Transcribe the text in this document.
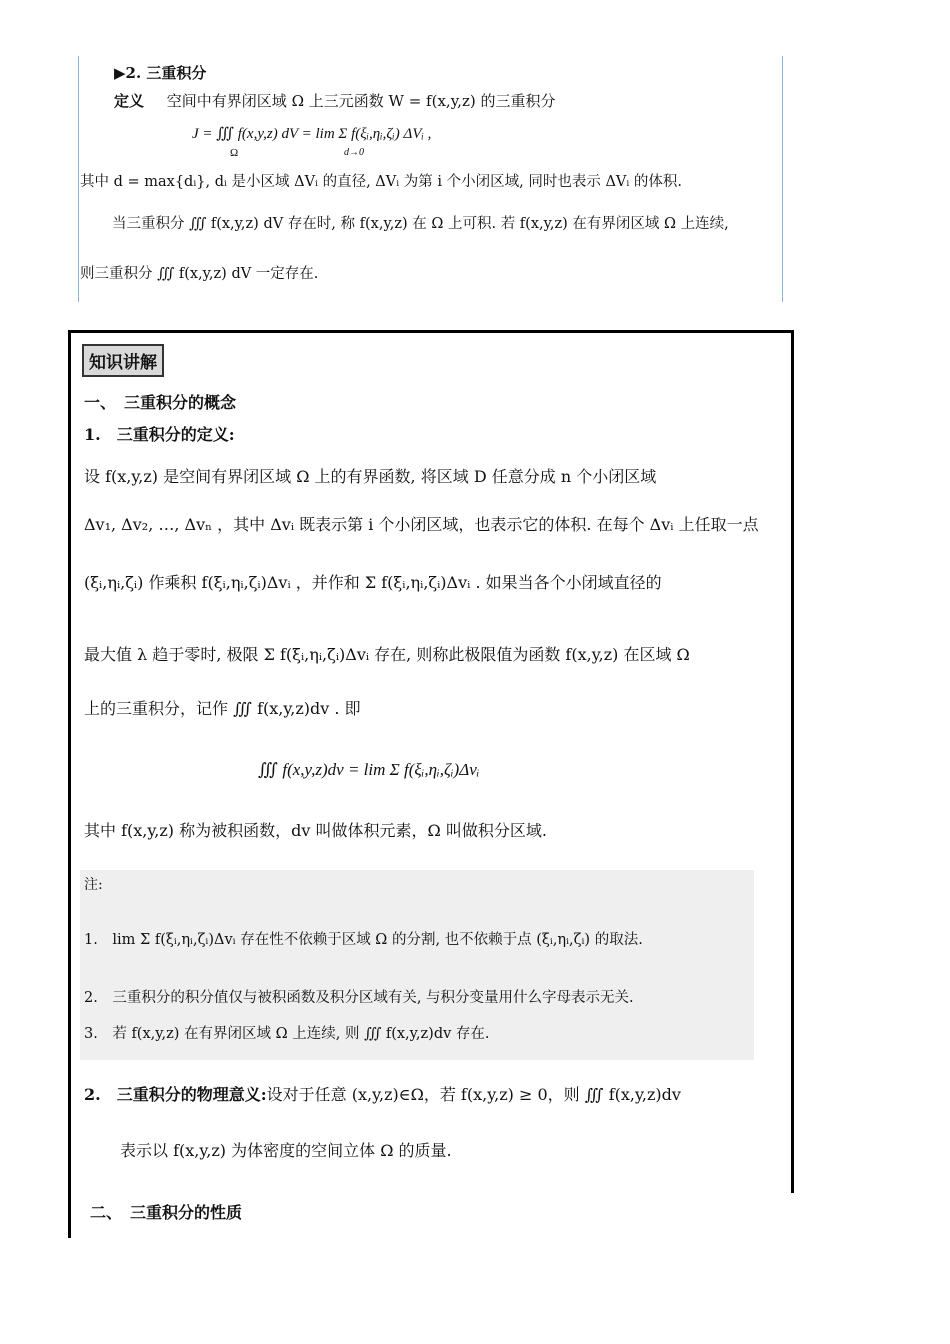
▶2. 三重积分
定义 空间中有界闭区域 Ω 上三元函数 W = f(x,y,z) 的三重积分
J = ∭ f(x,y,z) dV = lim Σ f(ξᵢ,ηᵢ,ζᵢ) ΔVᵢ ,
Ω	d→0
其中 d = max{dᵢ}, dᵢ 是小区域 ΔVᵢ 的直径, ΔVᵢ 为第 i 个小闭区域, 同时也表示 ΔVᵢ 的体积.
当三重积分 ∭ f(x,y,z) dV 存在时, 称 f(x,y,z) 在 Ω 上可积. 若 f(x,y,z) 在有界闭区域 Ω 上连续,
则三重积分 ∭ f(x,y,z) dV 一定存在.
知识讲解
一、　三重积分的概念
1.　三重积分的定义:
设 f(x,y,z) 是空间有界闭区域 Ω 上的有界函数, 将区域 D 任意分成 n 个小闭区域
Δv₁, Δv₂, …, Δvₙ ，其中 Δvᵢ 既表示第 i 个小闭区域，也表示它的体积. 在每个 Δvᵢ 上任取一点
(ξᵢ,ηᵢ,ζᵢ) 作乘积 f(ξᵢ,ηᵢ,ζᵢ)Δvᵢ ，并作和 Σ f(ξᵢ,ηᵢ,ζᵢ)Δvᵢ . 如果当各个小闭域直径的
最大值 λ 趋于零时, 极限 Σ f(ξᵢ,ηᵢ,ζᵢ)Δvᵢ 存在, 则称此极限值为函数 f(x,y,z) 在区域 Ω
上的三重积分，记作 ∭ f(x,y,z)dv . 即
∭ f(x,y,z)dv = lim Σ f(ξᵢ,ηᵢ,ζᵢ)Δvᵢ
其中 f(x,y,z) 称为被积函数，dv 叫做体积元素，Ω 叫做积分区域.
注:
1.　lim Σ f(ξᵢ,ηᵢ,ζᵢ)Δvᵢ 存在性不依赖于区域 Ω 的分割, 也不依赖于点 (ξᵢ,ηᵢ,ζᵢ) 的取法.
2.　三重积分的积分值仅与被积函数及积分区域有关, 与积分变量用什么字母表示无关.
3.　若 f(x,y,z) 在有界闭区域 Ω 上连续, 则 ∭ f(x,y,z)dv 存在.
2.　三重积分的物理意义:设对于任意 (x,y,z)∈Ω，若 f(x,y,z) ≥ 0，则 ∭ f(x,y,z)dv
表示以 f(x,y,z) 为体密度的空间立体 Ω 的质量.
二、　三重积分的性质
